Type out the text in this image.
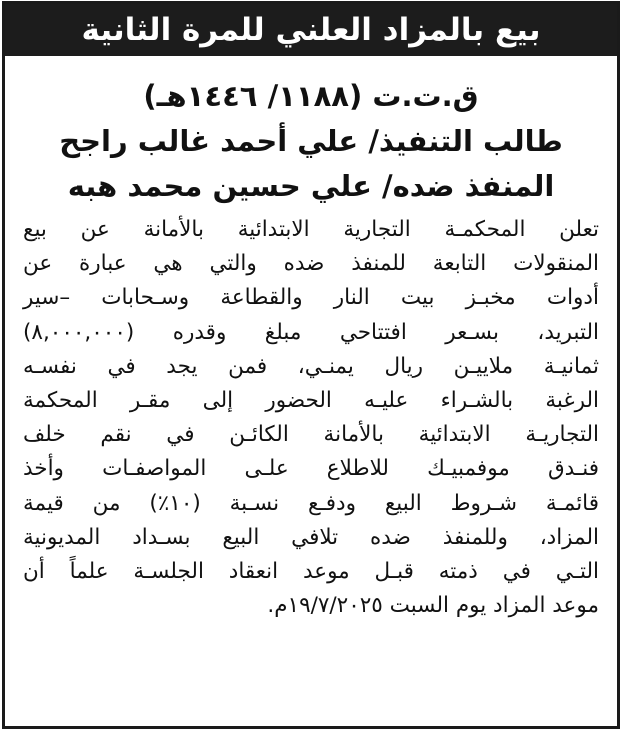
بيع بالمزاد العلني للمرة الثانية
ق.ت.ت (١١٨٨/ ١٤٤٦هـ)
طالب التنفيذ/ علي أحمد غالب راجح
المنفذ ضده/ علي حسين محمد هبه
تعلن المحكمـة التجارية الابتدائية بالأمانة عن بيع
المنقولات التابعة للمنفذ ضده والتي هي عبارة عن
أدوات مخبـز بيت النار والقطاعة وسـحابات –سير
التبريد، بسـعر افتتاحي مبلغ وقدره (٨,٠٠٠,٠٠٠)
ثمانيـة ملاييـن ريال يمنـي، فمن يجد في نفسـه
الرغبة بالشـراء عليـه الحضور إلى مقـر المحكمة
التجاريـة الابتدائية بالأمانة الكائـن في نقم خلف
فنـدق موفمبيـك للاطلاع علـى المواصفـات وأخذ
قائمـة شـروط البيع ودفـع نسـبة (١٠٪) من قيمة
المزاد، وللمنفذ ضده تلافي البيع بسـداد المديونية
التـي في ذمته قبـل موعد انعقاد الجلسـة علماً أن
موعد المزاد يوم السبت ١٩/٧/٢٠٢٥م.
